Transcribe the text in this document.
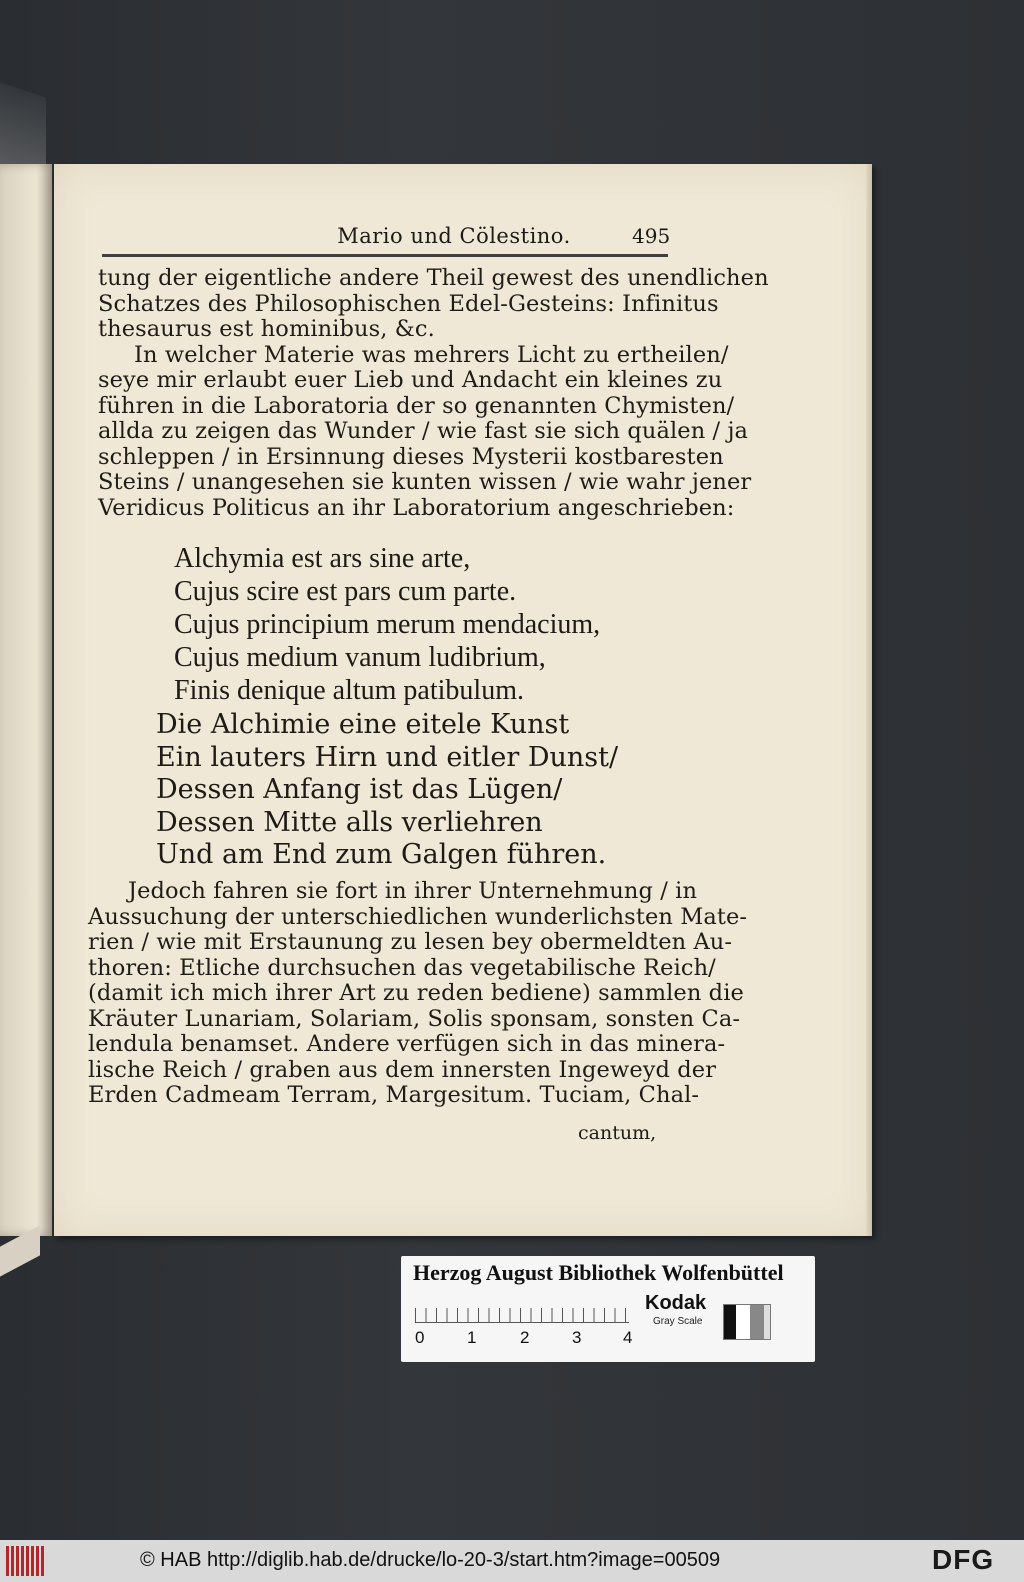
Mario und Cölestino.	495
tung der eigentliche andere Theil gewest des unendlichen
Schatzes des Philosophischen Edel-Gesteins: Infinitus
thesaurus est hominibus, &c.
In welcher Materie was mehrers Licht zu ertheilen/
seye mir erlaubt euer Lieb und Andacht ein kleines zu
führen in die Laboratoria der so genannten Chymisten/
allda zu zeigen das Wunder / wie fast sie sich quälen / ja
schleppen / in Ersinnung dieses Mysterii kostbaresten
Steins / unangesehen sie kunten wissen / wie wahr jener
Veridicus Politicus an ihr Laboratorium angeschrieben:
Alchymia est ars sine arte,
Cujus scire est pars cum parte.
Cujus principium merum mendacium,
Cujus medium vanum ludibrium,
Finis denique altum patibulum.
Die Alchimie eine eitele Kunst
Ein lauters Hirn und eitler Dunst/
Dessen Anfang ist das Lügen/
Dessen Mitte alls verliehren
Und am End zum Galgen führen.
Jedoch fahren sie fort in ihrer Unternehmung / in
Aussuchung der unterschiedlichen wunderlichsten Mate-
rien / wie mit Erstaunung zu lesen bey obermeldten Au-
thoren: Etliche durchsuchen das vegetabilische Reich/
(damit ich mich ihrer Art zu reden bediene) sammlen die
Kräuter Lunariam, Solariam, Solis sponsam, sonsten Ca-
lendula benamset. Andere verfügen sich in das minera-
lische Reich / graben aus dem innersten Ingeweyd der
Erden Cadmeam Terram, Margesitum. Tuciam, Chal-
cantum,
Herzog August Bibliothek Wolfenbüttel
0	1	2	3 4
Kodak
Gray Scale
© HAB http://diglib.hab.de/drucke/lo-20-3/start.htm?image=00509	DFG
